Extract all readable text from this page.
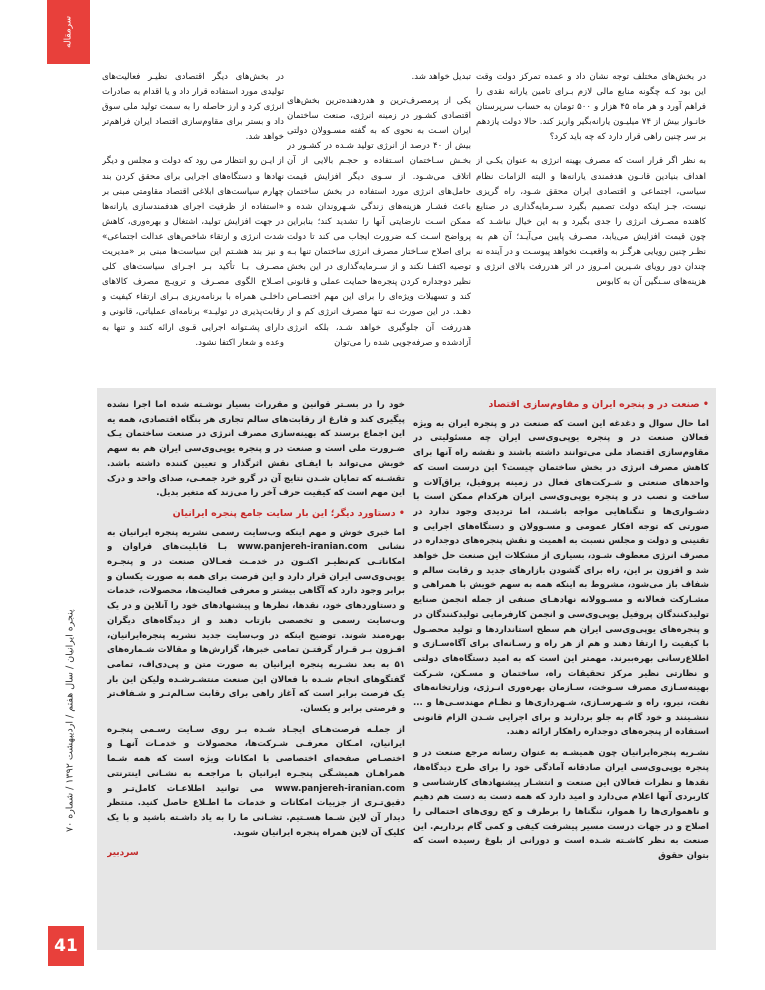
سرمقاله
پنجره ایرانیان / سال هفتم / اردیبهشت ۱۳۹۲ / شماره ۷۰
41

در بخش‌های مختلف توجه نشان داد و عمده تمرکز دولت وقت این بود کـه چگونه منابع مالی لازم بـرای تامین یارانه نقدی را فراهم آورد و هر ماه ۴۵ هزار و ۵۰۰ تومان به حساب سرپرستان خانـوار بیش از ۷۴ میلیـون یارانه‌بگیر واریز کند. حالا دولت یازدهم بر سر چنین راهی قرار دارد که چه باید کرد؟

به نظر اگر قرار است که مصرف بهینه انرژی به عنوان یکـی از اهداف بنیادین قانـون هدفمندی یارانه‌ها و البته الزامات نظام سیاسی، اجتماعی و اقتصادی ایران محقق شـود، راه گریزی نیست، جـز اینکه دولت تصمیم بگیرد سـرمایه‌گذاری در صنایع کاهنده مصـرف انرژی را جدی بگیرد و به این خیال نباشـد که چون قیمت افزایش می‌یابد، مصـرف پایین می‌آیـد؛ آن هم به نظـر چنین رویایی هرگـز به واقعیـت نخواهد پیوسـت و در آینده نه چندان دور رویای شـیرین امـروز در اثر هدررفت بالای انرژی و هزینه‌های سـنگین آن به کابوس

تبدیل خواهد شد.

یکی از پرمصرف‌ترین و هدردهنده‌ترین بخش‌های اقتصادی کشـور در زمینه انرژی، صنعت ساختمان ایران اسـت به نحوی که به گفته مسـوولان دولتی بیش از ۴۰ درصد از انرژی تولید شـده در کشـور در بخـش سـاختمان اسـتفاده و حجـم بالایی از آن اتلاف می‌شـود. از سـوی دیگر افزایش قیمت حامل‌های انرژی مورد استفاده در بخش ساختمان باعث فشـار هزینه‌های زندگی شـهروندان شده و ممکن اسـت نارضایتی آنها را تشدید کند؛ بنابراین پرواضح اسـت کـه ضرورت ایجاب می کند تا دولت برای اصلاح سـاختار مصرف انرژی ساختمان تنها بـه توصیه اکتفـا نکند و از سـرمایه‌گذاری در این بخش نظیر دوجداره کردن پنجره‌ها حمایت عملی و قانونی کند و تسهیلات ویژه‌ای را برای این مهم اختصـاص دهـد. در این صورت نـه تنها مصرف انرژی کم و از هدررفت آن جلوگیری خواهد شـد، بلکه انرژی آزادشده و صرفه‌جویی شده را می‌توان

در بخش‌های دیگر اقتصادی نظیـر فعالیت‌های تولیدی مورد استفاده قرار داد و یا اقدام به صادرات انرژی کرد و ارز حاصله را به سمت تولید ملی سوق داد و بستر برای مقاوم‌سازی اقتصاد ایران فراهم‌تر خواهد شد.

از ایـن رو انتظار می رود که دولت و مجلس و دیگر نهادها و دستگاه‌های اجرایی برای محقق کردن بند چهارم سیاست‌های ابلاغی اقتصاد مقاومتی مبنی بر «استفاده از ظرفیت اجرای هدفمندسازی یارانه‌ها در جهت افزایش تولید، اشتغال و بهره‌وری، کاهش شدت انرژی و ارتقاء شاخص‌های عدالت اجتماعی» و نیز بند هشـتم این سیاست‌ها مبنی بر «مدیریت مصـرف بـا تأکید بـر اجـرای سیاست‌های کلی اصـلاح الگوی مصـرف و ترویـج مصرف کالاهای داخلـی همراه با برنامه‌ریزی بـرای ارتقاء کیفیت و رقابت‌پذیری در تولیـد» برنامه‌ای عملیاتی، قانونی و دارای پشـتوانه اجرایی قـوی ارائه کنند و تنها به وعده و شعار اکتفا نشود.

• صنعت در و پنجره ایران و مقاوم‌سازی اقتصاد

اما حال سوال و دغدغه این است که صنعت در و پنجره ایران به ویژه فعالان صنعت در و پنجره یوپی‌وی‌سی ایران چه مسئولیتی در مقاوم‌سازی اقتصاد ملی می‌توانند داشته باشند و نقشه راه آنها برای کاهش مصرف انرژی در بخش ساختمان چیست؟ این درست است که واحدهای صنعتی و شـرکت‌های فعال در زمینه پروفیل، یراق‌آلات و ساخت و نصب در و پنجره یوپی‌وی‌سی ایران هرکدام ممکن است با دشـواری‌ها و تنگناهایی مواجه باشـند، اما تردیدی وجود ندارد در صورتی که توجه افکار عمومی و مسـوولان و دستگاه‌های اجرایی و تقنینی و دولت و مجلس نسبت به اهمیت و نقش پنجره‌های دوجداره در مصرف انرژی معطوف شـود، بسیاری از مشکلات این صنعت حل خواهد شد و افزون بر این، راه برای گشودن بازارهای جدید و رقابت سالم و شفاف باز می‌شود، مشروط به اینکه همه به سهم خویش با همراهی و مشـارکت فعالانه و مسـوولانه نهادهـای صنفی از جمله انجمن صنایع تولیدکنندگان پروفیل یوپی‌وی‌سی و انجمن کارفرمایی تولیدکنندگان در و پنجره‌های یوپی‌وی‌سی ایران هم سطح استانداردها و تولید محصـول با کیفیت را ارتقا دهند و هم از هر راه و رسـانه‌ای برای آگاه‌سـازی و اطلاع‌رسانی بهره‌ببرند. مهمتر این است که به امید دستگاه‌های دولتی و نظارتی نظیر مرکز تحقیقات راه، ساختمان و مسـکن، شـرکت بهینه‌سـازی مصرف سـوخت، سـازمان بهره‌وری انـرژی، وزارتخانه‌های نفت، نیرو، راه و شـهرسـازی، شـهرداری‌ها و نظـام مهندسـی‌ها و ... ننشـینند و خود گام به جلو بردارند و برای اجرایی شـدن الزام قانونی استفاده از پنجره‌های دوجداره راهکار ارائه دهند.

نشـریه پنجره‌ایرانیان چون همیشـه به عنوان رسانه مرجع صنعت در و پنجره یوپی‌وی‌سی ایران صادقانه آمادگی خود را برای طرح دیدگاه‌ها، نقدها و نظرات فعالان این صنعت و انتشـار پیشنهادهای کارشناسی و کاربردی آنها اعلام می‌دارد و امید دارد که همه دست به دست هم دهیم و ناهمواری‌ها را هموار، تنگناها را برطرف و کج روی‌های احتمالی را اصلاح و در جهات درست مسیر پیشرفت کیفی و کمی گام برداریم. این صنعت به نظر کاشـته شـده است و دورانی از بلوغ رسیده است که بتوان حقوق

خود را در بسـتر قوانین و مقررات بسیار نوشـته شده اما اجرا نشده پیگیری کند و فارغ از رقابت‌های سالم تجاری هر بنگاه اقتصادی، همه یه این اجماع برسند که بهینه‌سازی مصرف انرژی در صنعت ساختمان یـک ضـرورت ملی است و صنعت در و پنجره یوپی‌وی‌سی ایران هم به سهم خویش می‌تواند با ایفـای نقش اثرگذار و تعیین کننده داشته باشد. تقشـنه که تمایان شـدن نتایج آن در گرو خرد جمعـی، صدای واحد و درک این مهم است که کیفیت حرف آخر را می‌زند که متغیر بدیل.

• دستاورد دیگر؛ این بار سایت جامع پنجره ایرانیان

اما خبری خوش و مهم اینکه وب‌سایت رسمی نشریه پنجره ایرانیان به نشانی www.panjereh-iranian.com بـا قابلیت‌های فراوان و امکاناتـی کم‌نظیـر اکنـون در خدمـت فعـالان صنعت در و پنجـره یوپی‌وی‌سی ایران قرار دارد و این فرصت برای همه به صورت یکسان و برابر وجود دارد که آگاهی بیشتر و معرفی فعالیت‌ها، محصولات، خدمات و دستاوردهای خود، نقدها، نظرها و پیشنهادهای خود را آنلاین و در یک وب‌سایت رسمی و تخصصی بازتاب دهند و از دیدگاه‌های دیگران بهره‌مند شوند. توضیح اینکه در وب‌سایت جدید نشریه پنجره‌ایرانیان، افـزون بـر قـرار گرفتـن تمامی خبرها، گزارش‌ها و مقالات شـماره‌های ۵۱ به بعد نشـریه پنجره ایرانیان به صورت متن و پی‌دی‌اف، تمامی گفتگوهای انجام شـده با فعالان این صنعت منتشـرشـده ولیکن این بار یک فرصت برابر است که آغاز راهی برای رقابت سـالم‌تـر و شـفاف‌تر و فرصتی برابر و یکسان.

از جملـه فرصت‌هـای ایجـاد شـده بـر روی سـایت رسـمی پنجـره ایرانیان، امـکان معرفـی شـرکت‌ها، محصولات و خدمـات آنهـا و اختصـاص صفحه‌ای اختصاصی با امکانات ویژه است که همه شـما همراهـان همیشـگی پنجـره ایرانیان با مراجعـه به نشـانی اینترنتی www.panjereh-iranian.com می توانید اطلاعـات کامل‌تـر و دقیق‌تـری از جزییات امکانات و خدمات ما اطـلاع حاصل کنید. منتظر دیدار آن لاین شـما هسـتیم. تشـانی ما را به یاد داشـته باشید و با یک کلیک آن لاین همراه پنجره ایرانیان شوید.

سردبیر
